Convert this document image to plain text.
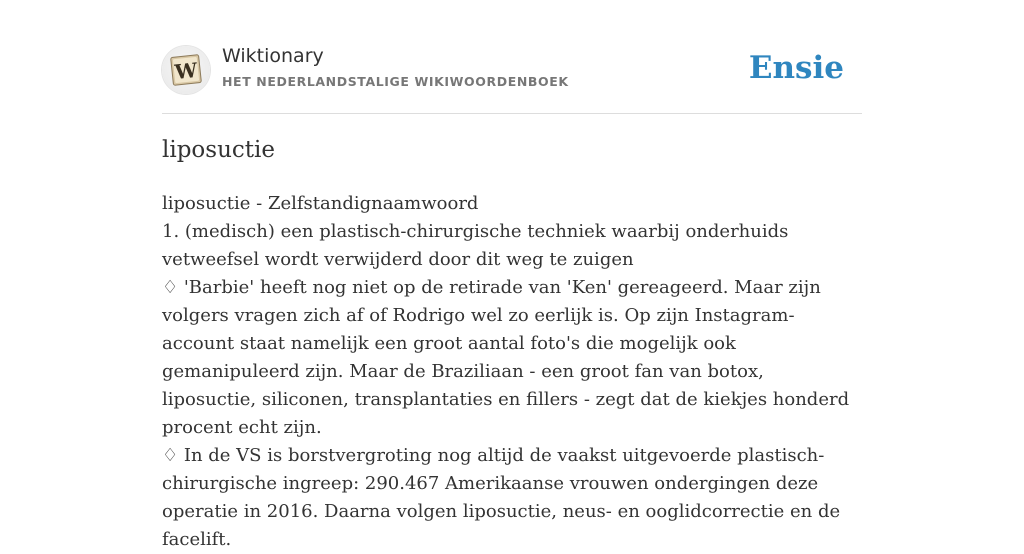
W
Wiktionary
HET NEDERLANDSTALIGE WIKIWOORDENBOEK	Ensie
liposuctie

liposuctie - Zelfstandignaamwoord

1. (medisch) een plastisch-chirurgische techniek waarbij onderhuids vetweefsel wordt verwijderd door dit weg te zuigen

♢ 'Barbie' heeft nog niet op de retirade van 'Ken' gereageerd. Maar zijn volgers vragen zich af of Rodrigo wel zo eerlijk is. Op zijn Instagram-account staat namelijk een groot aantal foto's die mogelijk ook gemanipuleerd zijn. Maar de Braziliaan - een groot fan van botox, liposuctie, siliconen, transplantaties en fillers - zegt dat de kiekjes honderd procent echt zijn.

♢ In de VS is borstvergroting nog altijd de vaakst uitgevoerde plastisch-chirurgische ingreep: 290.467 Amerikaanse vrouwen ondergingen deze operatie in 2016. Daarna volgen liposuctie, neus- en ooglidcorrectie en de facelift.
